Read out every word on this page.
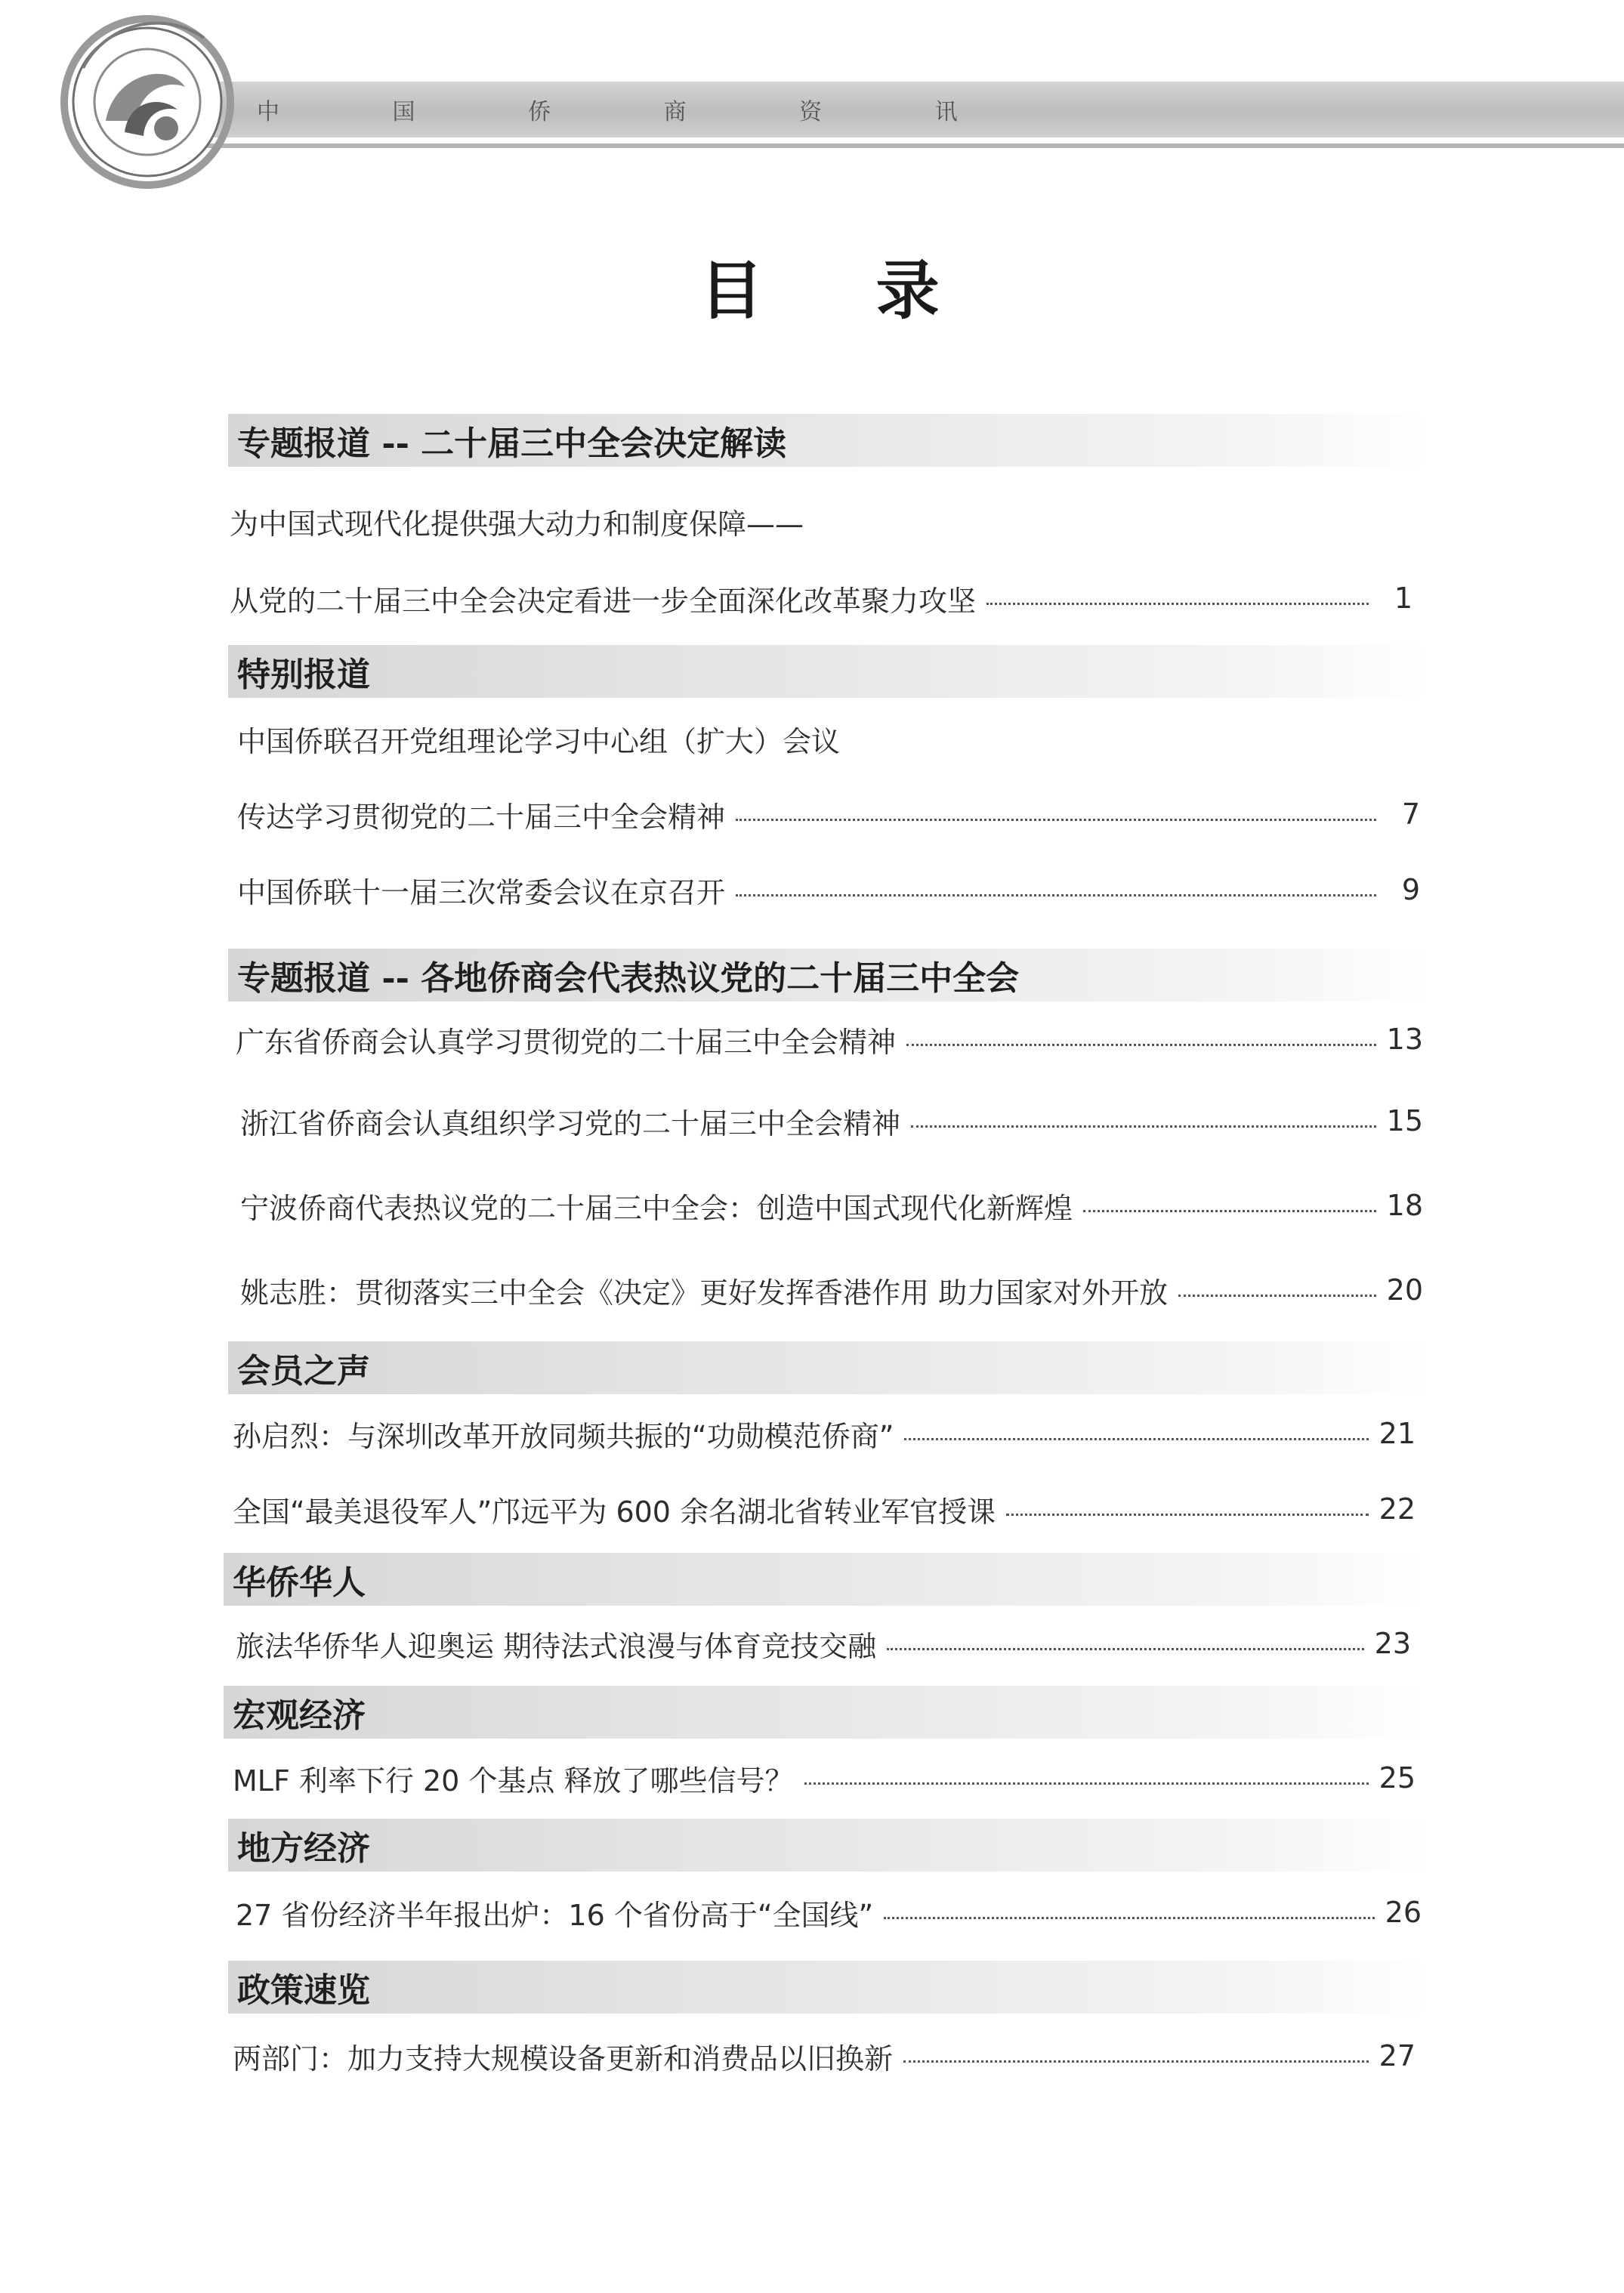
中 国 侨 商 资 讯
目 录
专题报道 -- 二十届三中全会决定解读
为中国式现代化提供强大动力和制度保障——
从党的二十届三中全会决定看进一步全面深化改革聚力攻坚	1
特别报道
中国侨联召开党组理论学习中心组（扩大）会议
传达学习贯彻党的二十届三中全会精神	7
中国侨联十一届三次常委会议在京召开	9
专题报道 -- 各地侨商会代表热议党的二十届三中全会
广东省侨商会认真学习贯彻党的二十届三中全会精神	13
浙江省侨商会认真组织学习党的二十届三中全会精神	15
宁波侨商代表热议党的二十届三中全会：创造中国式现代化新辉煌	18
姚志胜：贯彻落实三中全会《决定》更好发挥香港作用 助力国家对外开放	20
会员之声
孙启烈：与深圳改革开放同频共振的“功勋模范侨商”	21
全国“最美退役军人”邝远平为 600 余名湖北省转业军官授课	22
华侨华人
旅法华侨华人迎奥运 期待法式浪漫与体育竞技交融	23
宏观经济
MLF 利率下行 20 个基点 释放了哪些信号？	25
地方经济
27 省份经济半年报出炉：16 个省份高于“全国线”	26
政策速览
两部门：加力支持大规模设备更新和消费品以旧换新	27
